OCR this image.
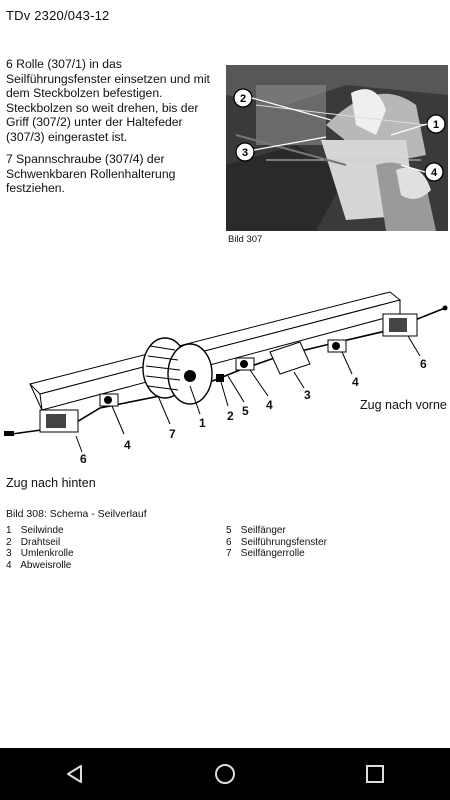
TDv 2320/043-12

6 Rolle (307/1) in das Seilführungsfenster einsetzen und mit dem Steckbolzen befestigen. Steckbolzen so weit drehen, bis der Griff (307/2) unter der Haltefeder (307/3) eingerastet ist.

7 Spannschraube (307/4) der Schwenkbaren Rollenhalterung festziehen.

1
2
3
4
Bild 307
6
4
7
1 2 5 4
3
4
6
Zug nach hinten
Zug nach vorne
Bild 308: Schema - Seilverlauf
1 Seilwinde
2 Drahtseil
3 Umlenkrolle
4 Abweisrolle
5 Seilfänger
6 Seilführungsfenster
7 Seilfängerrolle
